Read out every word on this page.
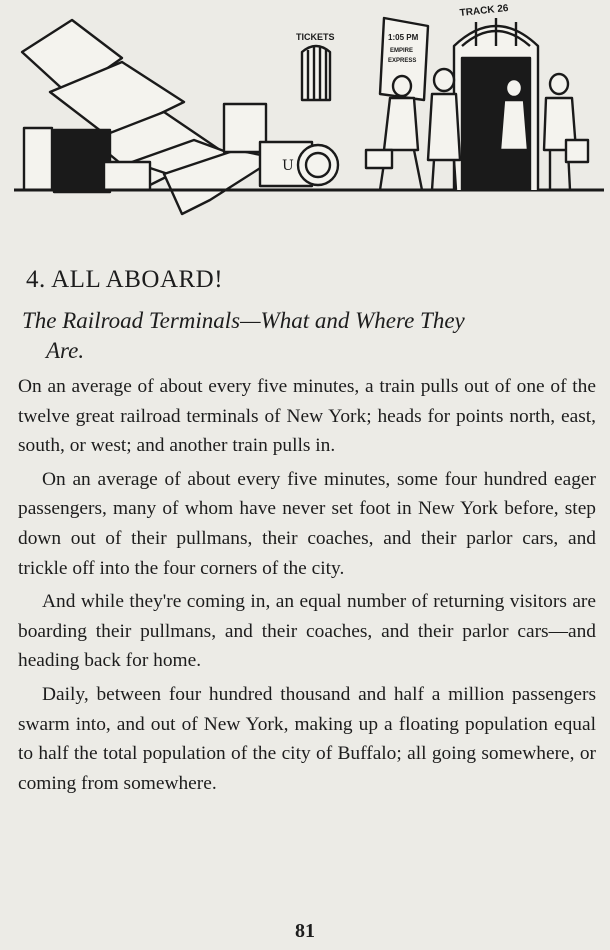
U
TICKETS
TRACK 26
1:05 PM
EMPIRE
EXPRESS
4. ALL ABOARD!
The Railroad Terminals—What and Where They
Are.

On an average of about every five minutes, a train pulls out of one of the twelve great railroad terminals of New York; heads for points north, east, south, or west; and another train pulls in.

On an average of about every five minutes, some four hundred eager passengers, many of whom have never set foot in New York before, step down out of their pullmans, their coaches, and their parlor cars, and trickle off into the four corners of the city.

And while they're coming in, an equal number of returning visitors are boarding their pullmans, and their coaches, and their parlor cars—and heading back for home.

Daily, between four hundred thousand and half a million passengers swarm into, and out of New York, making up a floating population equal to half the total population of the city of Buffalo; all going somewhere, or coming from somewhere.

81
